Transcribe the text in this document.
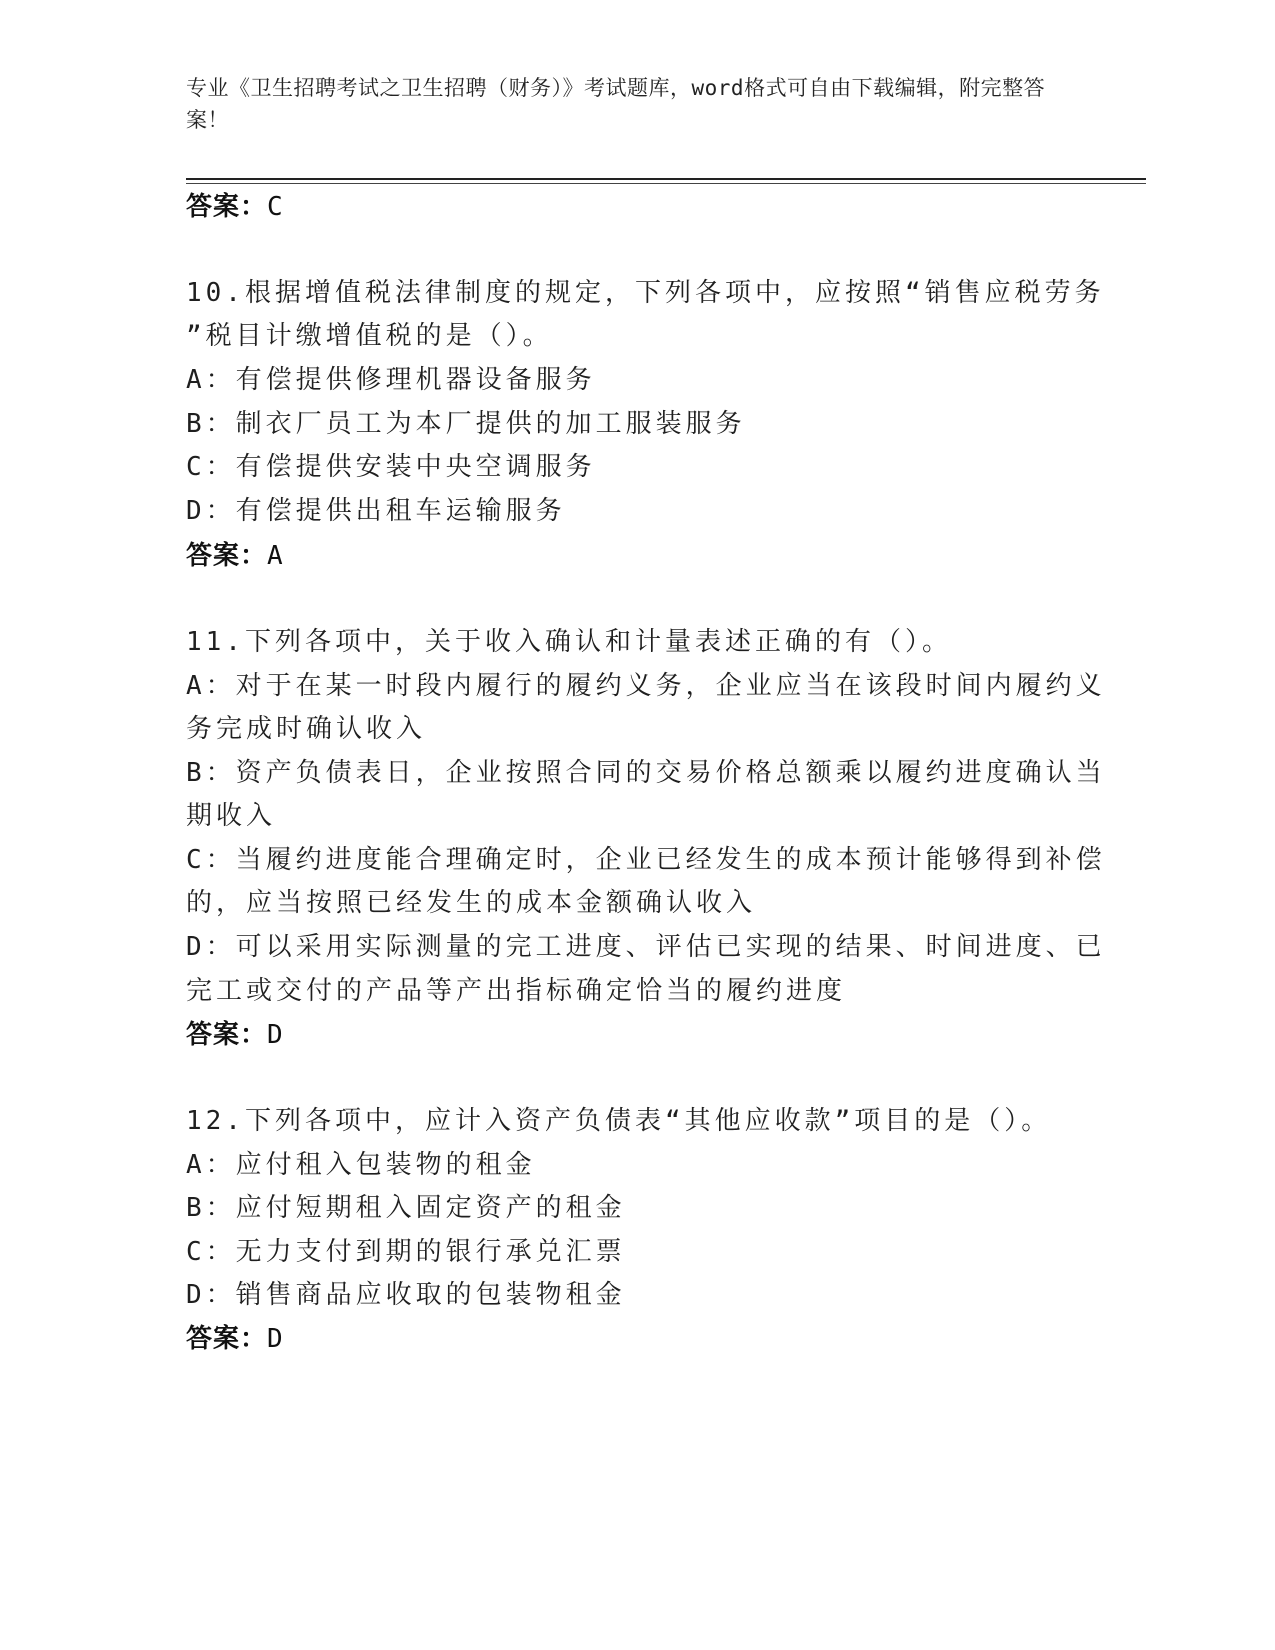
专业《卫生招聘考试之卫生招聘（财务）》考试题库，word格式可自由下载编辑，附完整答案！
答案：C
10.根据增值税法律制度的规定，下列各项中，应按照“销售应税劳务
”税目计缴增值税的是（）。
A：有偿提供修理机器设备服务
B：制衣厂员工为本厂提供的加工服装服务
C：有偿提供安装中央空调服务
D：有偿提供出租车运输服务
答案：A
11.下列各项中，关于收入确认和计量表述正确的有（）。
A：对于在某一时段内履行的履约义务，企业应当在该段时间内履约义
务完成时确认收入
B：资产负债表日，企业按照合同的交易价格总额乘以履约进度确认当
期收入
C：当履约进度能合理确定时，企业已经发生的成本预计能够得到补偿
的，应当按照已经发生的成本金额确认收入
D：可以采用实际测量的完工进度、评估已实现的结果、时间进度、已
完工或交付的产品等产出指标确定恰当的履约进度
答案：D
12.下列各项中，应计入资产负债表“其他应收款”项目的是（）。
A：应付租入包装物的租金
B：应付短期租入固定资产的租金
C：无力支付到期的银行承兑汇票
D：销售商品应收取的包装物租金
答案：D
